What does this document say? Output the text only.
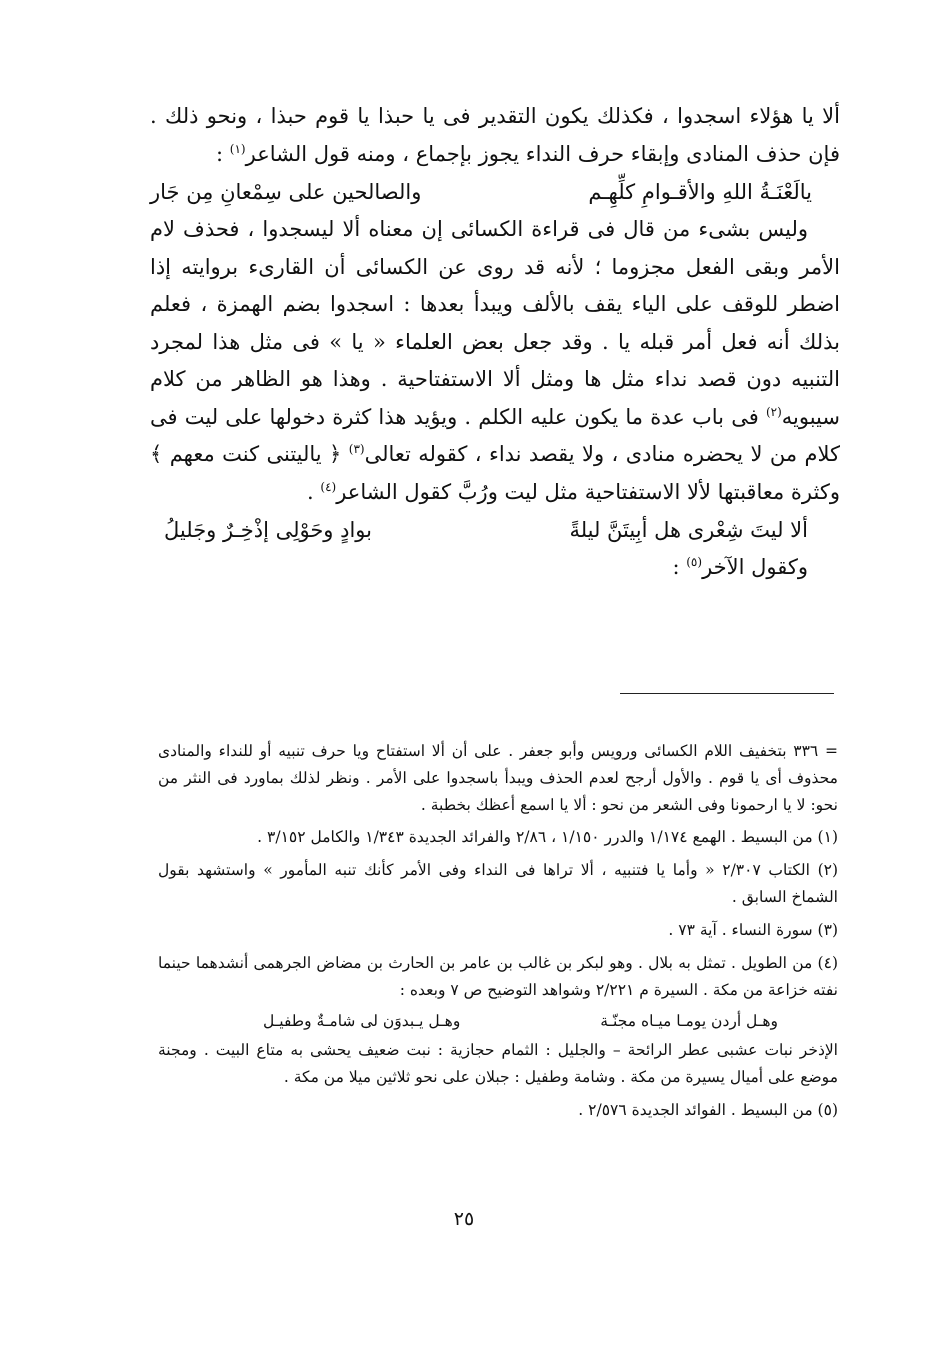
ألا يا هؤلاء اسجدوا ، فكذلك يكون التقدير فى يا حبذا يا قوم حبذا ، ونحو ذلك . فإن حذف المنادى وإبقاء حرف النداء يجوز بإجماع ، ومنه قول الشاعر$^{(١)}$ :

يالَعْنَـةُ اللهِ والأقـوامِ كلِّهِـم
والصالحين على سِمْعانِ مِن جَار

وليس بشىء من قال فى قراءة الكسائى إن معناه ألا ليسجدوا ، فحذف لام الأمر وبقى الفعل مجزوما ؛ لأنه قد روى عن الكسائى أن القارىء بروايته إذا اضطر للوقف على الياء يقف بالألف ويبدأ بعدها : اسجدوا بضم الهمزة ، فعلم بذلك أنه فعل أمر قبله يا . وقد جعل بعض العلماء « يا » فى مثل هذا لمجرد التنبيه دون قصد نداء مثل ها ومثل ألا الاستفتاحية . وهذا هو الظاهر من كلام سيبويه$^{(٢)}$ فى باب عدة ما يكون عليه الكلم . ويؤيد هذا كثرة دخولها على ليت فى كلام من لا يحضره منادى ، ولا يقصد نداء ، كقوله تعالى$^{(٣)}$ ﴿ ياليتنى كنت معهم ﴾ وكثرة معاقبتها لألا الاستفتاحية مثل ليت ورُبَّ كقول الشاعر$^{(٤)}$ .

ألا ليتَ شِعْرى هل أبِيتَنَّ ليلةً
بوادٍ وحَوْلِى إذْخِـرٌ وجَليلُ

وكقول الآخر$^{(٥)}$ :

= ٣٣٦ بتخفيف اللام الكسائى ورويس وأبو جعفر . على أن ألا استفتاح ويا حرف تنبيه أو للنداء والمنادى محذوف أى يا قوم . والأول أرجح لعدم الحذف ويبدأ باسجدوا على الأمر . ونظر لذلك بماورد فى النثر من نحو: لا يا ارحمونا وفى الشعر من نحو : ألا يا اسمع أعظك بخطبة .

(١) من البسيط . الهمع ١/١٧٤ والدرر ١/١٥٠ ، ٢/٨٦ والفرائد الجديدة ١/٣٤٣ والكامل ٣/١٥٢ .

(٢) الكتاب ٢/٣٠٧ « وأما يا فتنبيه ، ألا تراها فى النداء وفى الأمر كأنك تنبه المأمور » واستشهد بقول الشماخ السابق .

(٣) سورة النساء . آية ٧٣ .

(٤) من الطويل . تمثل به بلال . وهو لبكر بن غالب بن عامر بن الحارث بن مضاض الجرهمى أنشدهما حينما نفته خزاعة من مكة . السيرة م ٢/٢٢١ وشواهد التوضيح ص ٧ وبعده :

وهـل أردن يومـا ميـاه مجنّـة
وهـل يـبدوَن لى شامـةٌ وطفيـل

الإذخر نبات عشبى عطر الرائحة – والجليل : الثمام حجازية : نبت ضعيف يحشى به متاع البيت . ومجنة موضع على أميال يسيرة من مكة . وشامة وطفيل : جبلان على نحو ثلاثين ميلا من مكة .

(٥) من البسيط . الفوائد الجديدة ٢/٥٧٦ .

٢٥
